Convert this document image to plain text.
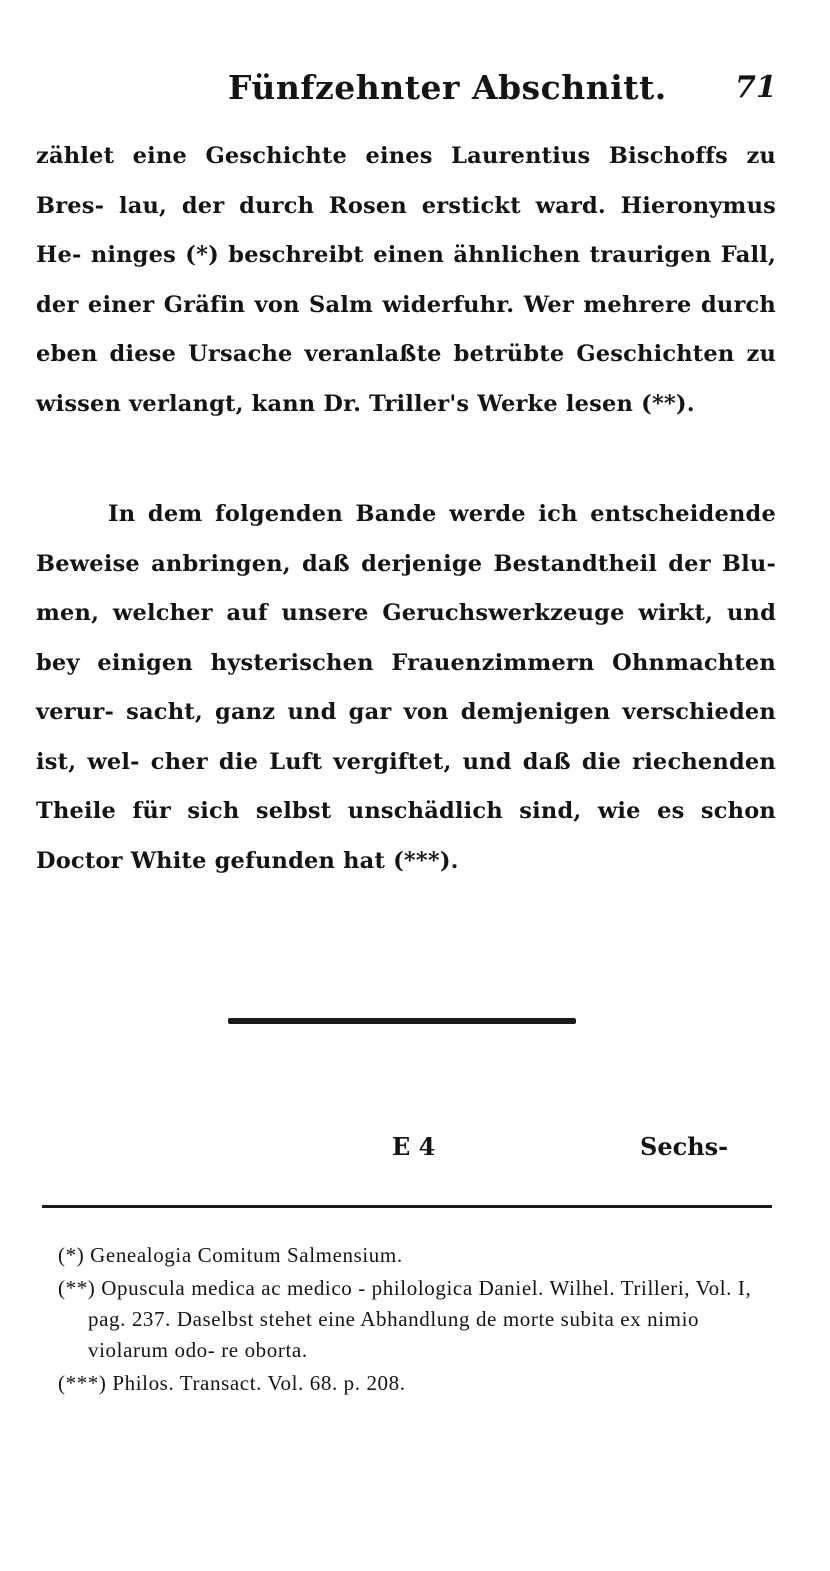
Fünfzehnter Abschnitt. 71

zählet eine Geschichte eines Laurentius Bischoffs zu Bres- lau, der durch Rosen erstickt ward. Hieronymus He- ninges (*) beschreibt einen ähnlichen traurigen Fall, der einer Gräfin von Salm widerfuhr. Wer mehrere durch eben diese Ursache veranlaßte betrübte Geschichten zu wissen verlangt, kann Dr. Triller's Werke lesen (**).

In dem folgenden Bande werde ich entscheidende Beweise anbringen, daß derjenige Bestandtheil der Blu- men, welcher auf unsere Geruchswerkzeuge wirkt, und bey einigen hysterischen Frauenzimmern Ohnmachten verur- sacht, ganz und gar von demjenigen verschieden ist, wel- cher die Luft vergiftet, und daß die riechenden Theile für sich selbst unschädlich sind, wie es schon Doctor White gefunden hat (***).

E 4	Sechs-

(*) Genealogia Comitum Salmensium.

(**) Opuscula medica ac medico - philologica Daniel. Wilhel. Trilleri, Vol. I, pag. 237. Daselbst stehet eine Abhandlung de morte subita ex nimio violarum odo- re oborta.

(***) Philos. Transact. Vol. 68. p. 208.
